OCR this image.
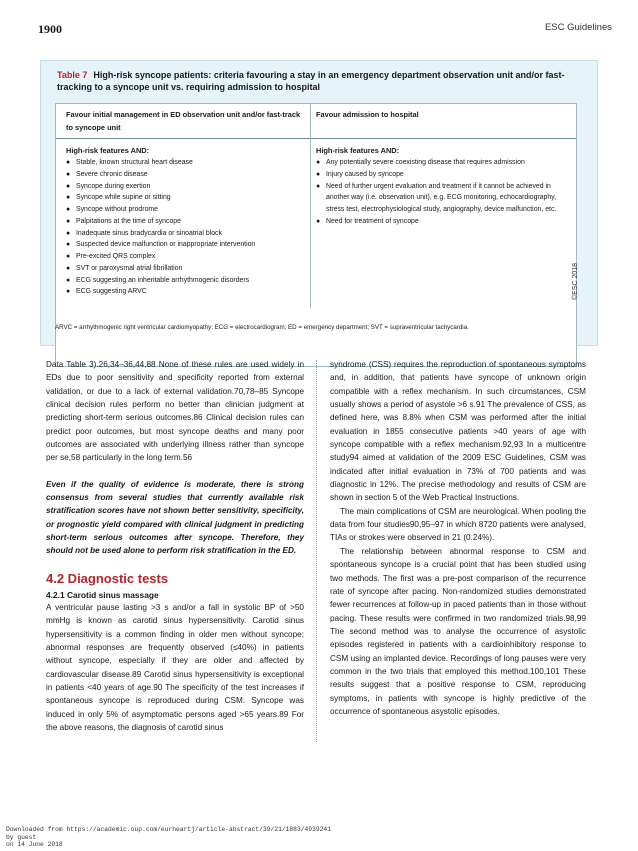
1900	ESC Guidelines
Table 7 High-risk syncope patients: criteria favouring a stay in an emergency department observation unit and/or fast-tracking to a syncope unit vs. requiring admission to hospital
Favour initial management in ED observation unit and/or fast-track to syncope unit
Favour admission to hospital
High-risk features AND:
● Stable, known structural heart disease
● Severe chronic disease
● Syncope during exertion
● Syncope while supine or sitting
● Syncope without prodrome
● Palpitations at the time of syncope
● Inadequate sinus bradycardia or sinoatrial block
● Suspected device malfunction or inappropriate intervention
● Pre-excited QRS complex
● SVT or paroxysmal atrial fibrillation
● ECG suggesting an inheritable arrhythmogenic disorders
● ECG suggesting ARVC
High-risk features AND:
● Any potentially severe coexisting disease that requires admission
● Injury caused by syncope
● Need of further urgent evaluation and treatment if it cannot be achieved in another way (i.e. observation unit), e.g. ECG monitoring, echocardiography, stress test, electrophysiological study, angiography, device malfunction, etc.
● Need for treatment of syncope
ARVC = arrhythmogenic right ventricular cardiomyopathy; ECG = electrocardiogram; ED = emergency department; SVT = supraventricular tachycardia.
©ESC 2018

Data Table 3).26,34–36,44,88 None of these rules are used widely in EDs due to poor sensitivity and specificity reported from external validation, or due to a lack of external validation.70,78–85 Syncope clinical decision rules perform no better than clinician judgment at predicting short-term serious outcomes.86 Clinical decision rules can predict poor outcomes, but most syncope deaths and many poor outcomes are associated with underlying illness rather than syncope per se,58 particularly in the long term.56

Even if the quality of evidence is moderate, there is strong consensus from several studies that currently available risk stratification scores have not shown better sensitivity, specificity, or prognostic yield compared with clinical judgment in predicting short-term serious outcomes after syncope. Therefore, they should not be used alone to perform risk stratification in the ED.

4.2 Diagnostic tests
4.2.1 Carotid sinus massage

A ventricular pause lasting >3 s and/or a fall in systolic BP of >50 mmHg is known as carotid sinus hypersensitivity. Carotid sinus hypersensitivity is a common finding in older men without syncope; abnormal responses are frequently observed (≤40%) in patients without syncope, especially if they are older and affected by cardiovascular disease.89 Carotid sinus hypersensitivity is exceptional in patients <40 years of age.90 The specificity of the test increases if spontaneous syncope is reproduced during CSM. Syncope was induced in only 5% of asymptomatic persons aged >65 years.89 For the above reasons, the diagnosis of carotid sinus

syndrome (CSS) requires the reproduction of spontaneous symptoms and, in addition, that patients have syncope of unknown origin compatible with a reflex mechanism. In such circumstances, CSM usually shows a period of asystole >6 s.91 The prevalence of CSS, as defined here, was 8.8% when CSM was performed after the initial evaluation in 1855 consecutive patients >40 years of age with syncope compatible with a reflex mechanism.92,93 In a multicentre study94 aimed at validation of the 2009 ESC Guidelines, CSM was indicated after initial evaluation in 73% of 700 patients and was diagnostic in 12%. The precise methodology and results of CSM are shown in section 5 of the Web Practical Instructions.

The main complications of CSM are neurological. When pooling the data from four studies90,95–97 in which 8720 patients were analysed, TIAs or strokes were observed in 21 (0.24%).

The relationship between abnormal response to CSM and spontaneous syncope is a crucial point that has been studied using two methods. The first was a pre-post comparison of the recurrence rate of syncope after pacing. Non-randomized studies demonstrated fewer recurrences at follow-up in paced patients than in those without pacing. These results were confirmed in two randomized trials.98,99 The second method was to analyse the occurrence of asystolic episodes registered in patients with a cardioinhibitory response to CSM using an implanted device. Recordings of long pauses were very common in the two trials that employed this method.100,101 These results suggest that a positive response to CSM, reproducing symptoms, in patients with syncope is highly predictive of the occurrence of spontaneous asystolic episodes.

Downloaded from https://academic.oup.com/eurheartj/article-abstract/39/21/1883/4939241
by guest
on 14 June 2018
